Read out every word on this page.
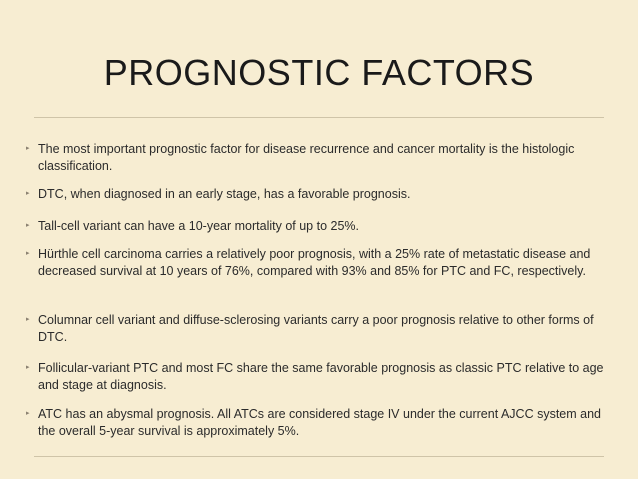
PROGNOSTIC FACTORS
▸ The most important prognostic factor for disease recurrence and cancer mortality is the histologic classification.
▸ DTC, when diagnosed in an early stage, has a favorable prognosis.
▸ Tall-cell variant can have a 10-year mortality of up to 25%.
▸ Hürthle cell carcinoma carries a relatively poor prognosis, with a 25% rate of metastatic disease and decreased survival at 10 years of 76%, compared with 93% and 85% for PTC and FC, respectively.
▸ Columnar cell variant and diffuse-sclerosing variants carry a poor prognosis relative to other forms of DTC.
▸ Follicular-variant PTC and most FC share the same favorable prognosis as classic PTC relative to age and stage at diagnosis.
▸ ATC has an abysmal prognosis. All ATCs are considered stage IV under the current AJCC system and the overall 5-year survival is approximately 5%.
